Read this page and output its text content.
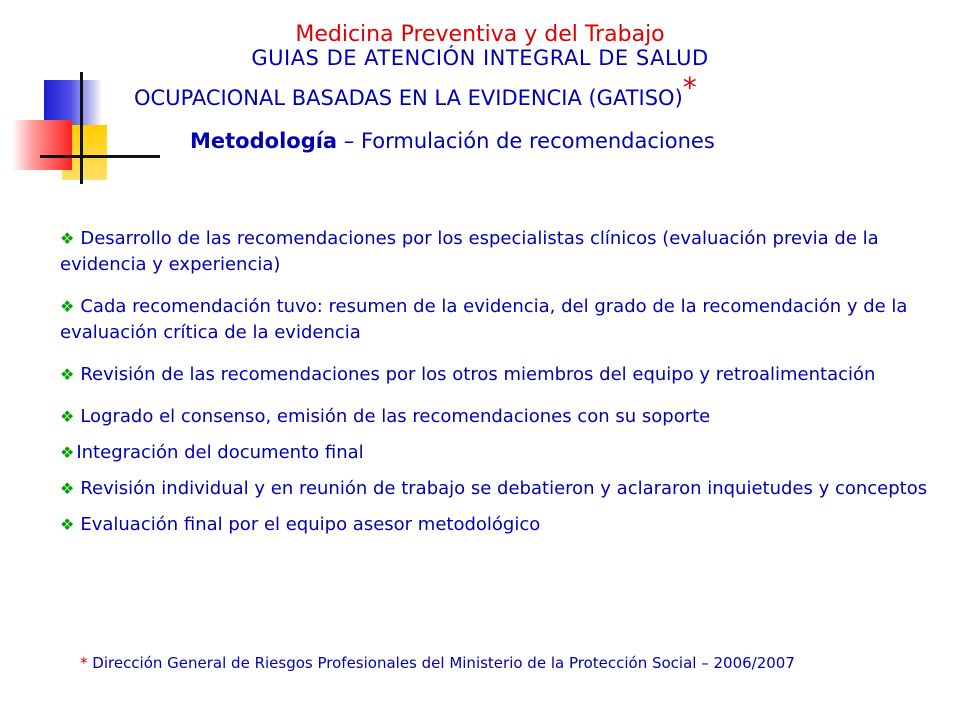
Medicina Preventiva y del Trabajo
GUIAS DE ATENCIÓN INTEGRAL DE SALUD
OCUPACIONAL BASADAS EN LA EVIDENCIA (GATISO)*
Metodología – Formulación de recomendaciones
❖ Desarrollo de las recomendaciones por los especialistas clínicos (evaluación previa de la evidencia y experiencia)
❖ Cada recomendación tuvo: resumen de la evidencia, del grado de la recomendación y de la evaluación crítica de la evidencia
❖ Revisión de las recomendaciones por los otros miembros del equipo y retroalimentación
❖ Logrado el consenso, emisión de las recomendaciones con su soporte
❖ Integración del documento final
❖ Revisión individual y en reunión de trabajo se debatieron y aclararon inquietudes y conceptos
❖ Evaluación final por el equipo asesor metodológico
* Dirección General de Riesgos Profesionales del Ministerio de la Protección Social – 2006/2007
